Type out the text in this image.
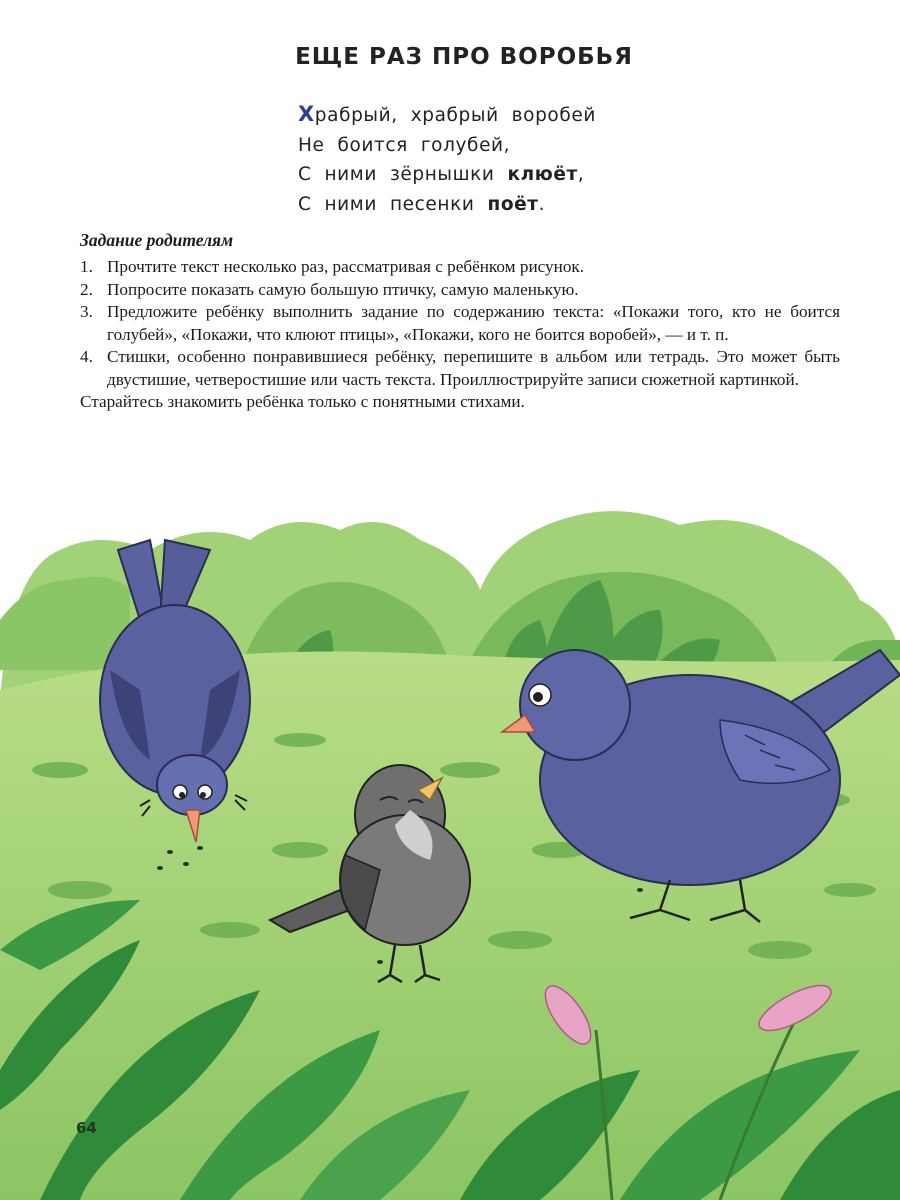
ЕЩЕ РАЗ ПРО ВОРОБЬЯ
Храбрый,  храбрый  воробей
Не  боится  голубей,
С  ними  зёрнышки  клюёт,
С  ними  песенки  поёт.
Задание родителям
1. Прочтите текст несколько раз, рассматривая с ребёнком рисунок.
2. Попросите показать самую большую птичку, самую маленькую.
3. Предложите ребёнку выполнить задание по содержанию текста: «Покажи того, кто не боится голубей», «Покажи, что клюют птицы», «Покажи, кого не боится воробей», — и т. п.
4. Стишки, особенно понравившиеся ребёнку, перепишите в альбом или тетрадь. Это может быть двустишие, четверостишие или часть текста. Проиллюстрируйте записи сюжетной картинкой.
Старайтесь знакомить ребёнка только с понятными стихами.
64
